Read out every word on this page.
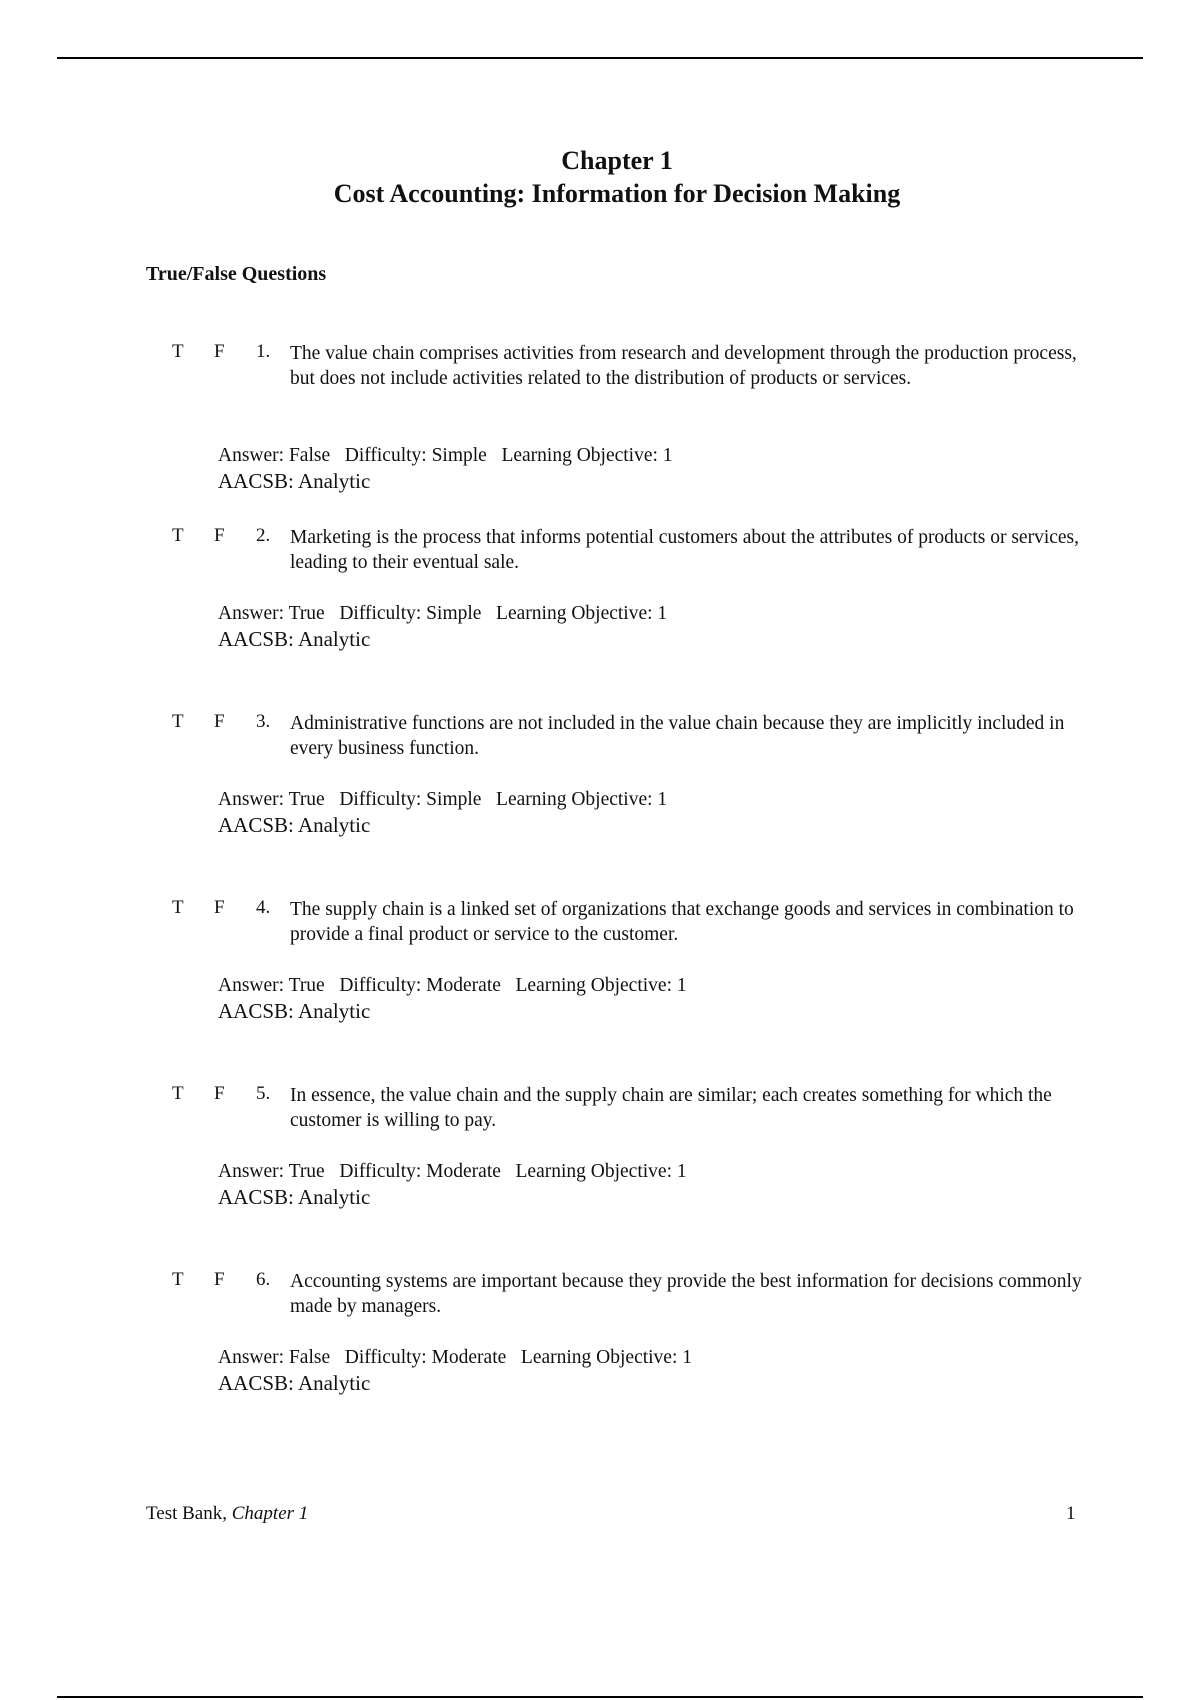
Chapter 1
Cost Accounting: Information for Decision Making
True/False Questions
T F 1. The value chain comprises activities from research and development through the production process, but does not include activities related to the distribution of products or services.
Answer: False   Difficulty: Simple   Learning Objective: 1
AACSB: Analytic
T F 2. Marketing is the process that informs potential customers about the attributes of products or services, leading to their eventual sale.
Answer: True   Difficulty: Simple   Learning Objective: 1
AACSB: Analytic
T F 3. Administrative functions are not included in the value chain because they are implicitly included in every business function.
Answer: True   Difficulty: Simple   Learning Objective: 1
AACSB: Analytic
T F 4. The supply chain is a linked set of organizations that exchange goods and services in combination to provide a final product or service to the customer.
Answer: True   Difficulty: Moderate   Learning Objective: 1
AACSB: Analytic
T F 5. In essence, the value chain and the supply chain are similar; each creates something for which the customer is willing to pay.
Answer: True   Difficulty: Moderate   Learning Objective: 1
AACSB: Analytic
T F 6. Accounting systems are important because they provide the best information for decisions commonly made by managers.
Answer: False   Difficulty: Moderate   Learning Objective: 1
AACSB: Analytic
Test Bank, Chapter 1	1
